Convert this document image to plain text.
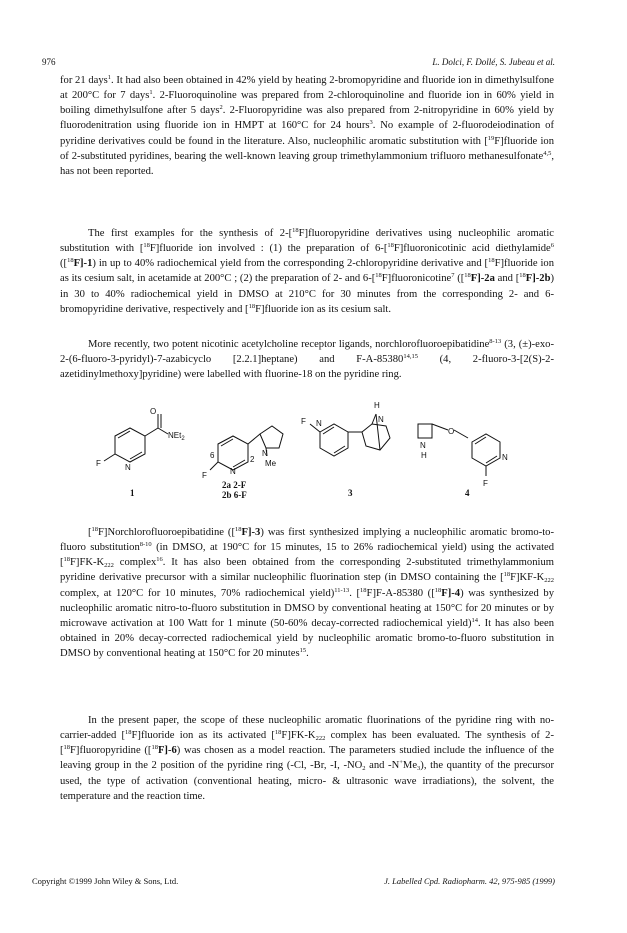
976	L. Dolci, F. Dollé, S. Jubeau et al.

for 21 days$^1$. It had also been obtained in 42% yield by heating 2-bromopyridine and fluoride ion in dimethylsulfone at 200°C for 7 days$^1$. 2-Fluoroquinoline was prepared from 2-chloroquinoline and fluoride ion in 60% yield in boiling dimethylsulfone after 5 days$^2$. 2-Fluoropyridine was also prepared from 2-nitropyridine in 60% yield by fluorodenitration using fluoride ion in HMPT at 160°C for 24 hours$^3$. No example of 2-fluorodeiodination of pyridine derivatives could be found in the literature. Also, nucleophilic aromatic substitution with [$^{19}$F]fluoride ion of 2-substituted pyridines, bearing the well-known leaving group trimethylammonium trifluoro methanesulfonate$^{4,5}$, has not been reported.

The first examples for the synthesis of 2-[$^{18}$F]fluoropyridine derivatives using nucleophilic aromatic substitution with [$^{18}$F]fluoride ion involved : (1) the preparation of 6-[$^{18}$F]fluoronicotinic acid diethylamide$^6$ ([$^{18}$F]-1) in up to 40% radiochemical yield from the corresponding 2-chloropyridine derivative and [$^{18}$F]fluoride ion as its cesium salt, in acetamide at 200°C ; (2) the preparation of 2- and 6-[$^{18}$F]fluoronicotine$^7$ ([$^{18}$F]-2a and [$^{18}$F]-2b) in 30 to 40% radiochemical yield in DMSO at 210°C for 30 minutes from the corresponding 2- and 6-bromopyridine derivative, respectively and [$^{18}$F]fluoride ion as its cesium salt.

More recently, two potent nicotinic acetylcholine receptor ligands, norchlorofluoroepibatidine$^{8-13}$ (3, (±)-exo-2-(6-fluoro-3-pyridyl)-7-azabicyclo [2.2.1]heptane) and F-A-85380$^{14,15}$ (4, 2-fluoro-3-[2(S)-2-azetidinylmethoxy]pyridine) were labelled with fluorine-18 on the pyridine ring.

O
NEt$_2$
F	N
1
N
Me
6	2
N
F
2a 2-F
2b 6-F
F N
H
N
3
N
H
O
N
F
4

[$^{18}$F]Norchlorofluoroepibatidine ([$^{18}$F]-3) was first synthesized implying a nucleophilic aromatic bromo-to-fluoro substitution$^{8-10}$ (in DMSO, at 190°C for 15 minutes, 15 to 26% radiochemical yield) using the activated $[^{18}F]FK-K_{222}$ complex$^{16}$. It has also been obtained from the corresponding 2-substituted trimethylammonium pyridine derivative precursor with a similar nucleophilic fluorination step (in DMSO containing the $[^{18}F]KF-K_{222}$ complex, at 120°C for 10 minutes, 70% radiochemical yield)$^{11-13}$. [$^{18}$F]F-A-85380 ([$^{18}$F]-4) was synthesized by nucleophilic aromatic nitro-to-fluoro substitution in DMSO by conventional heating at 150°C for 20 minutes or by microwave activation at 100 Watt for 1 minute (50-60% decay-corrected radiochemical yield)$^{14}$. It has also been obtained in 20% decay-corrected radiochemical yield by nucleophilic aromatic bromo-to-fluoro substitution in DMSO by conventional heating at 150°C for 20 minutes$^{15}$.

In the present paper, the scope of these nucleophilic aromatic fluorinations of the pyridine ring with no-carrier-added [$^{18}$F]fluoride ion as its activated $[^{18}F]FK-K_{222}$ complex has been evaluated. The synthesis of 2-[$^{18}$F]fluoropyridine ([$^{18}$F]-6) was chosen as a model reaction. The parameters studied include the influence of the leaving group in the 2 position of the pyridine ring (-Cl, -Br, -I, $-NO_2$ and $-N^+Me_3$), the quantity of the precursor used, the type of activation (conventional heating, micro- & ultrasonic wave irradiations), the solvent, the temperature and the reaction time.

Copyright ©1999 John Wiley & Sons, Ltd.	J. Labelled Cpd. Radiopharm. 42, 975-985 (1999)
